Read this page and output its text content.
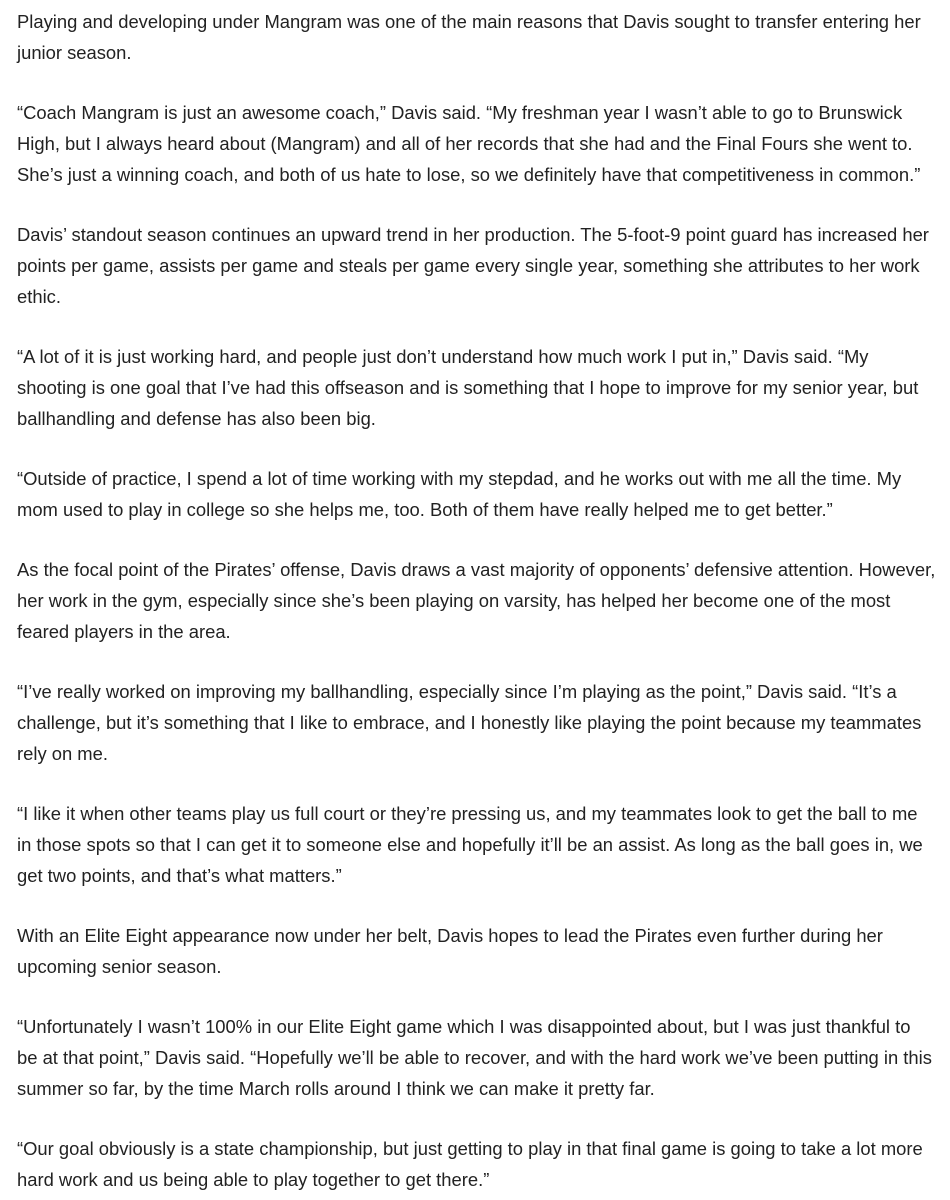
Playing and developing under Mangram was one of the main reasons that Davis sought to transfer entering her junior season.

“Coach Mangram is just an awesome coach,” Davis said. “My freshman year I wasn’t able to go to Brunswick High, but I always heard about (Mangram) and all of her records that she had and the Final Fours she went to. She’s just a winning coach, and both of us hate to lose, so we definitely have that competitiveness in common.”

Davis’ standout season continues an upward trend in her production. The 5-foot-9 point guard has increased her points per game, assists per game and steals per game every single year, something she attributes to her work ethic.

“A lot of it is just working hard, and people just don’t understand how much work I put in,” Davis said. “My shooting is one goal that I’ve had this offseason and is something that I hope to improve for my senior year, but ballhandling and defense has also been big.

“Outside of practice, I spend a lot of time working with my stepdad, and he works out with me all the time. My mom used to play in college so she helps me, too. Both of them have really helped me to get better.”

As the focal point of the Pirates’ offense, Davis draws a vast majority of opponents’ defensive attention. However, her work in the gym, especially since she’s been playing on varsity, has helped her become one of the most feared players in the area.

“I’ve really worked on improving my ballhandling, especially since I’m playing as the point,” Davis said. “It’s a challenge, but it’s something that I like to embrace, and I honestly like playing the point because my teammates rely on me.

“I like it when other teams play us full court or they’re pressing us, and my teammates look to get the ball to me in those spots so that I can get it to someone else and hopefully it’ll be an assist. As long as the ball goes in, we get two points, and that’s what matters.”

With an Elite Eight appearance now under her belt, Davis hopes to lead the Pirates even further during her upcoming senior season.

“Unfortunately I wasn’t 100% in our Elite Eight game which I was disappointed about, but I was just thankful to be at that point,” Davis said. “Hopefully we’ll be able to recover, and with the hard work we’ve been putting in this summer so far, by the time March rolls around I think we can make it pretty far.

“Our goal obviously is a state championship, but just getting to play in that final game is going to take a lot more hard work and us being able to play together to get there.”
